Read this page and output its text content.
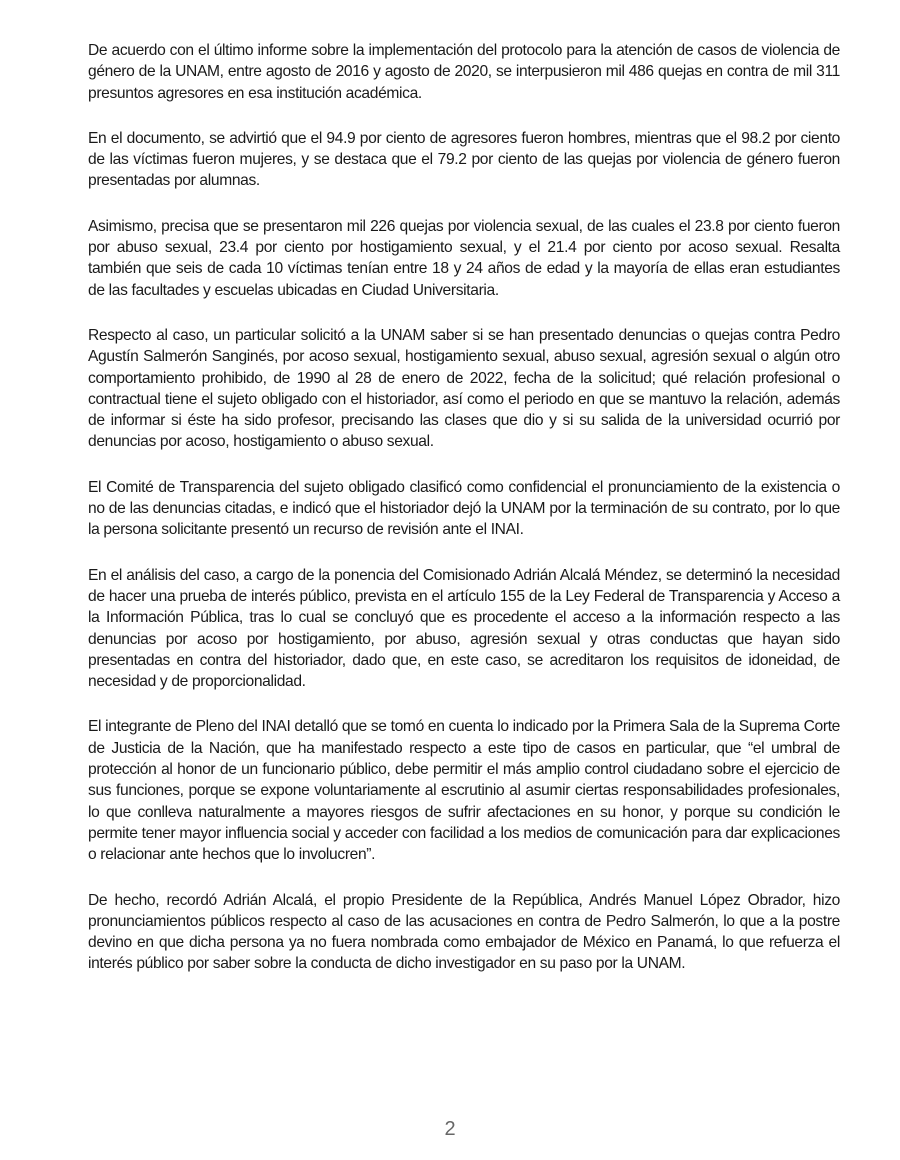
De acuerdo con el último informe sobre la implementación del protocolo para la atención de casos de violencia de género de la UNAM, entre agosto de 2016 y agosto de 2020, se interpusieron mil 486 quejas en contra de mil 311 presuntos agresores en esa institución académica.

En el documento, se advirtió que el 94.9 por ciento de agresores fueron hombres, mientras que el 98.2 por ciento de las víctimas fueron mujeres, y se destaca que el 79.2 por ciento de las quejas por violencia de género fueron presentadas por alumnas.

Asimismo, precisa que se presentaron mil 226 quejas por violencia sexual, de las cuales el 23.8 por ciento fueron por abuso sexual, 23.4 por ciento por hostigamiento sexual, y el 21.4 por ciento por acoso sexual. Resalta también que seis de cada 10 víctimas tenían entre 18 y 24 años de edad y la mayoría de ellas eran estudiantes de las facultades y escuelas ubicadas en Ciudad Universitaria.

Respecto al caso, un particular solicitó a la UNAM saber si se han presentado denuncias o quejas contra Pedro Agustín Salmerón Sanginés, por acoso sexual, hostigamiento sexual, abuso sexual, agresión sexual o algún otro comportamiento prohibido, de 1990 al 28 de enero de 2022, fecha de la solicitud; qué relación profesional o contractual tiene el sujeto obligado con el historiador, así como el periodo en que se mantuvo la relación, además de informar si éste ha sido profesor, precisando las clases que dio y si su salida de la universidad ocurrió por denuncias por acoso, hostigamiento o abuso sexual.

El Comité de Transparencia del sujeto obligado clasificó como confidencial el pronunciamiento de la existencia o no de las denuncias citadas, e indicó que el historiador dejó la UNAM por la terminación de su contrato, por lo que la persona solicitante presentó un recurso de revisión ante el INAI.

En el análisis del caso, a cargo de la ponencia del Comisionado Adrián Alcalá Méndez, se determinó la necesidad de hacer una prueba de interés público, prevista en el artículo 155 de la Ley Federal de Transparencia y Acceso a la Información Pública, tras lo cual se concluyó que es procedente el acceso a la información respecto a las denuncias por acoso por hostigamiento, por abuso, agresión sexual y otras conductas que hayan sido presentadas en contra del historiador, dado que, en este caso, se acreditaron los requisitos de idoneidad, de necesidad y de proporcionalidad.

El integrante de Pleno del INAI detalló que se tomó en cuenta lo indicado por la Primera Sala de la Suprema Corte de Justicia de la Nación, que ha manifestado respecto a este tipo de casos en particular, que “el umbral de protección al honor de un funcionario público, debe permitir el más amplio control ciudadano sobre el ejercicio de sus funciones, porque se expone voluntariamente al escrutinio al asumir ciertas responsabilidades profesionales, lo que conlleva naturalmente a mayores riesgos de sufrir afectaciones en su honor, y porque su condición le permite tener mayor influencia social y acceder con facilidad a los medios de comunicación para dar explicaciones o relacionar ante hechos que lo involucren”.

De hecho, recordó Adrián Alcalá, el propio Presidente de la República, Andrés Manuel López Obrador, hizo pronunciamientos públicos respecto al caso de las acusaciones en contra de Pedro Salmerón, lo que a la postre devino en que dicha persona ya no fuera nombrada como embajador de México en Panamá, lo que refuerza el interés público por saber sobre la conducta de dicho investigador en su paso por la UNAM.

2
